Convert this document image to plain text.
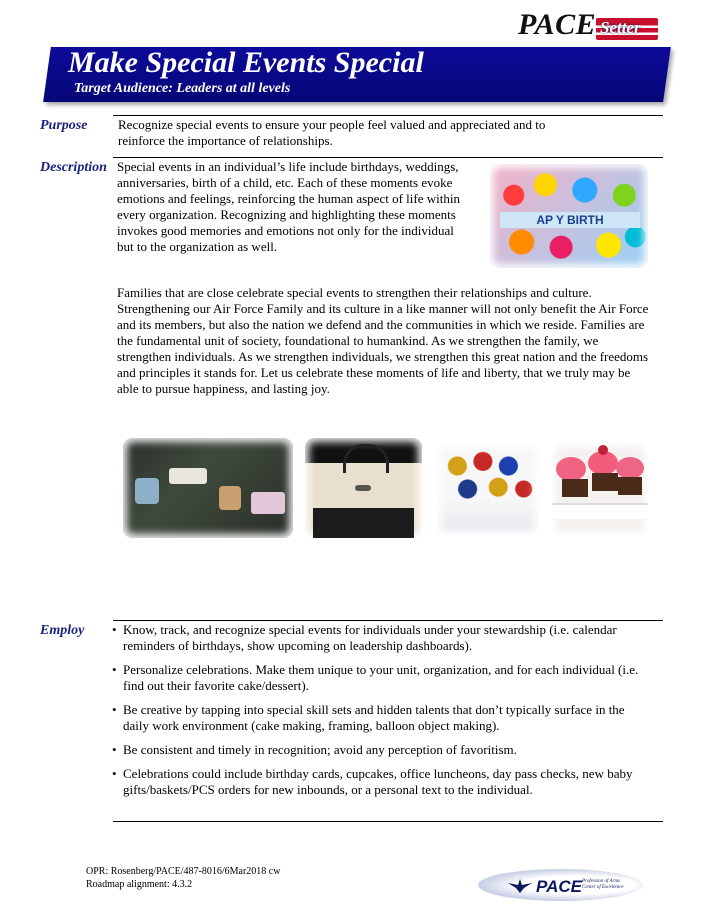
PACE Setter
Make Special Events Special
Target Audience: Leaders at all levels
Purpose Recognize special events to ensure your people feel valued and appreciated and to reinforce the importance of relationships.
Description Special events in an individual’s life include birthdays, weddings, anniversaries, birth of a child, etc. Each of these moments evoke emotions and feelings, reinforcing the human aspect of life within every organization. Recognizing and highlighting these moments invokes good memories and emotions not only for the individual but to the organization as well.
AP Y BIRTH
Families that are close celebrate special events to strengthen their relationships and culture. Strengthening our Air Force Family and its culture in a like manner will not only benefit the Air Force and its members, but also the nation we defend and the communities in which we reside. Families are the fundamental unit of society, foundational to humankind. As we strengthen the family, we strengthen individuals. As we strengthen individuals, we strengthen this great nation and the freedoms and principles it stands for. Let us celebrate these moments of life and liberty, that we truly may be able to pursue happiness, and lasting joy.
Employ
•	Know, track, and recognize special events for individuals under your stewardship (i.e. calendar reminders of birthdays, show upcoming on leadership dashboards).
• Personalize celebrations. Make them unique to your unit, organization, and for each individual (i.e. find out their favorite cake/dessert).
• Be creative by tapping into special skill sets and hidden talents that don’t typically surface in the daily work environment (cake making, framing, balloon object making).
• Be consistent and timely in recognition; avoid any perception of favoritism.
• Celebrations could include birthday cards, cupcakes, office luncheons, day pass checks, new baby gifts/baskets/PCS orders for new inbounds, or a personal text to the individual.
OPR: Rosenberg/PACE/487-8016/6Mar2018 cw
Roadmap alignment: 4.3.2	PACE Profession of Arms Center of Excellence
